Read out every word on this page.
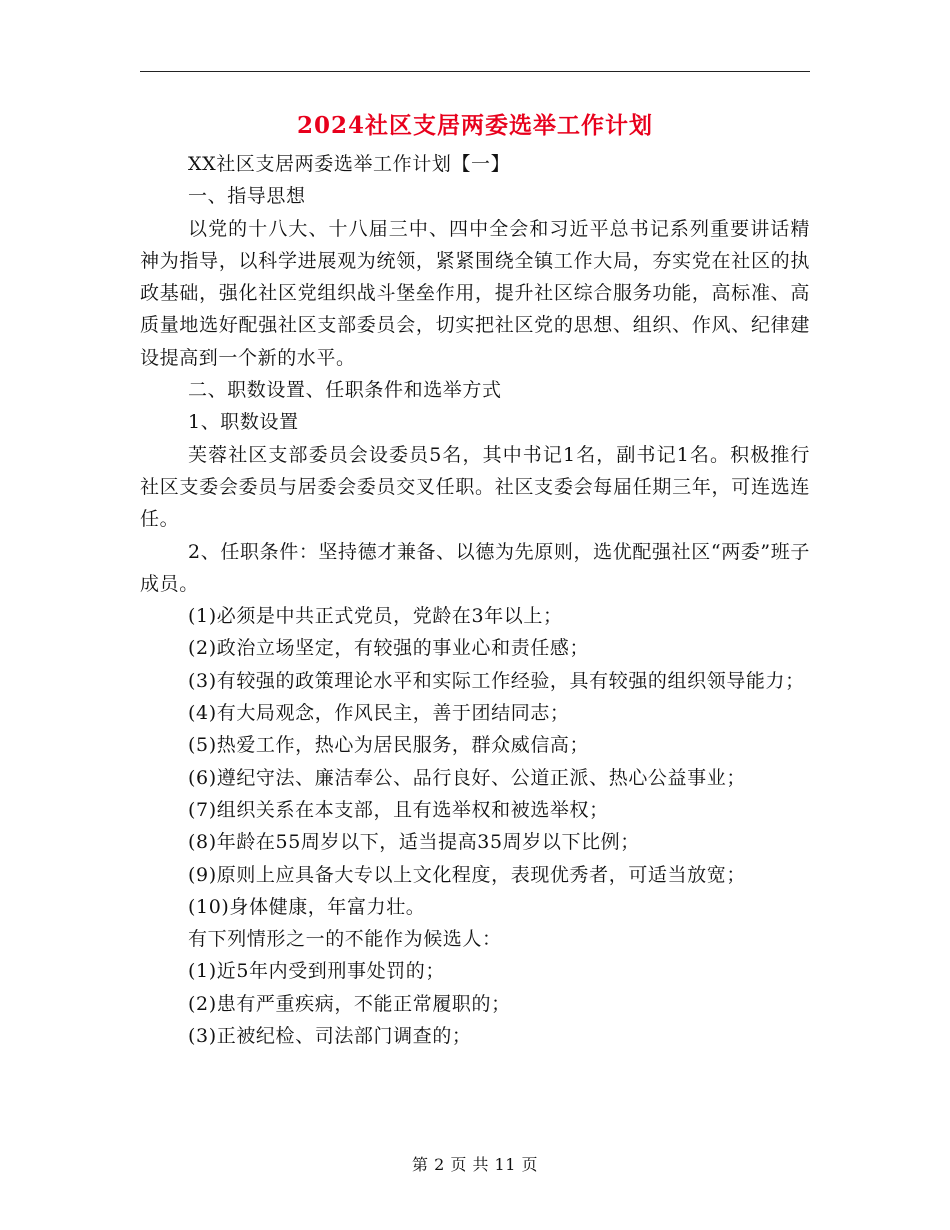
2024社区支居两委选举工作计划

XX社区支居两委选举工作计划【一】

一、指导思想

以党的十八大、十八届三中、四中全会和习近平总书记系列重要讲话精神为指导，以科学进展观为统领，紧紧围绕全镇工作大局，夯实党在社区的执政基础，强化社区党组织战斗堡垒作用，提升社区综合服务功能，高标准、高质量地选好配强社区支部委员会，切实把社区党的思想、组织、作风、纪律建设提高到一个新的水平。

二、职数设置、任职条件和选举方式

1、职数设置

芙蓉社区支部委员会设委员5名，其中书记1名，副书记1名。积极推行社区支委会委员与居委会委员交叉任职。社区支委会每届任期三年，可连选连任。

2、任职条件：坚持德才兼备、以德为先原则，选优配强社区“两委”班子成员。

(1)必须是中共正式党员，党龄在3年以上；

(2)政治立场坚定，有较强的事业心和责任感；

(3)有较强的政策理论水平和实际工作经验，具有较强的组织领导能力；

(4)有大局观念，作风民主，善于团结同志；

(5)热爱工作，热心为居民服务，群众威信高；

(6)遵纪守法、廉洁奉公、品行良好、公道正派、热心公益事业；

(7)组织关系在本支部，且有选举权和被选举权；

(8)年龄在55周岁以下，适当提高35周岁以下比例；

(9)原则上应具备大专以上文化程度，表现优秀者，可适当放宽；

(10)身体健康，年富力壮。

有下列情形之一的不能作为候选人：

(1)近5年内受到刑事处罚的；

(2)患有严重疾病，不能正常履职的；

(3)正被纪检、司法部门调查的；

第 2 页 共 11 页
